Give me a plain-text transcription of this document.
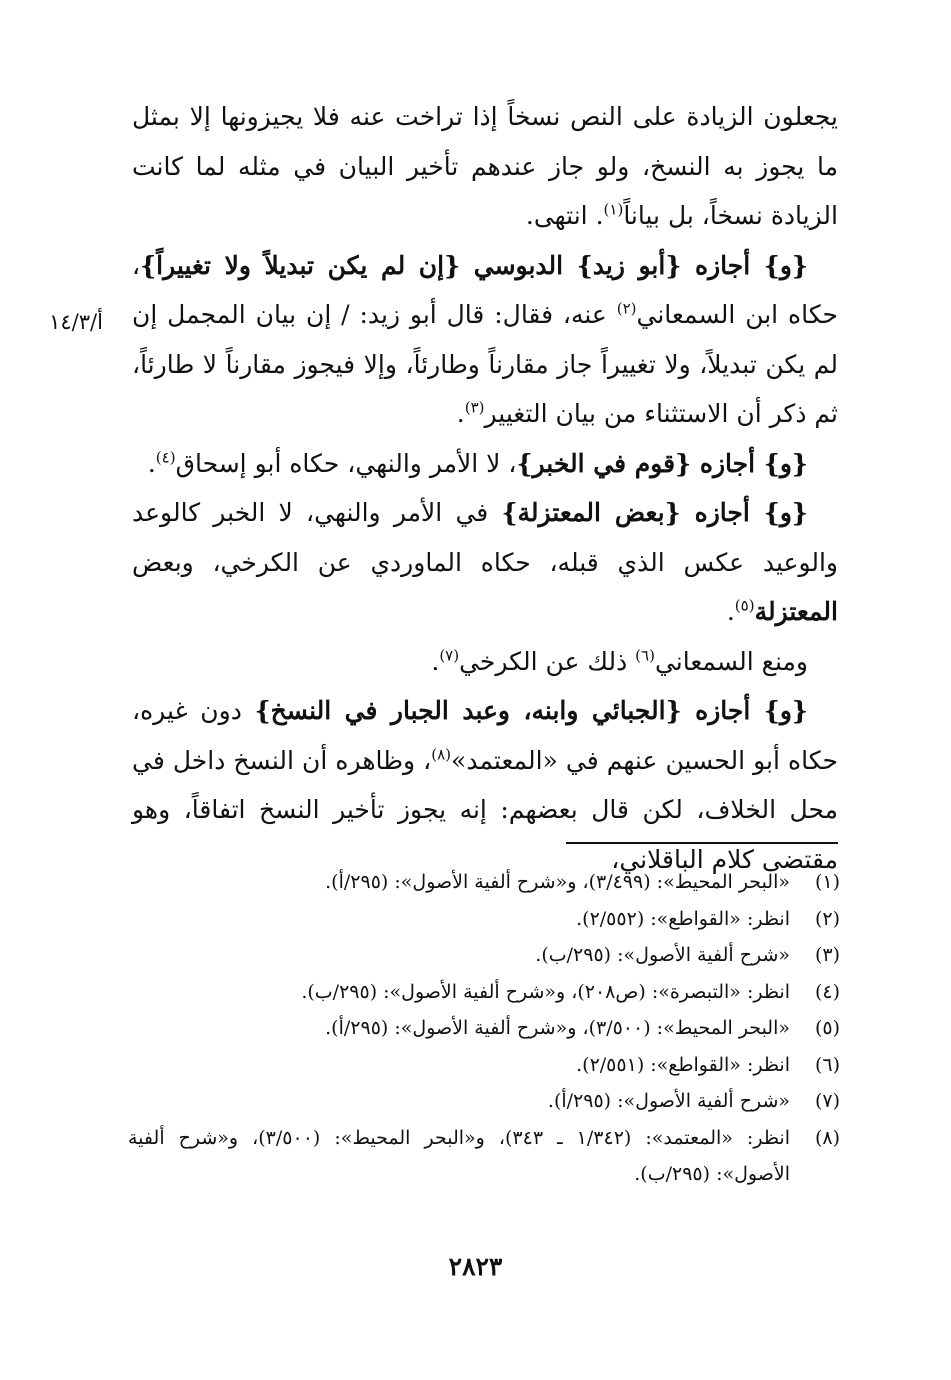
أ/١٤/٣

يجعلون الزيادة على النص نسخاً إذا تراخت عنه فلا يجيزونها إلا بمثل ما يجوز به النسخ، ولو جاز عندهم تأخير البيان في مثله لما كانت الزيادة نسخاً، بل بياناً$^{(١)}$. انتهى.

{و} أجازه {أبو زيد} الدبوسي {إن لم يكن تبديلاً ولا تغييراً}، حكاه ابن السمعاني$^{(٢)}$ عنه، فقال: قال أبو زيد: / إن بيان المجمل إن لم يكن تبديلاً، ولا تغييراً جاز مقارناً وطارئاً، وإلا فيجوز مقارناً لا طارئاً، ثم ذكر أن الاستثناء من بيان التغيير$^{(٣)}$.

{و} أجازه {قوم في الخبر}، لا الأمر والنهي، حكاه أبو إسحاق$^{(٤)}$.

{و} أجازه {بعض المعتزلة} في الأمر والنهي، لا الخبر كالوعد والوعيد عكس الذي قبله، حكاه الماوردي عن الكرخي، وبعض المعتزلة$^{(٥)}$.

ومنع السمعاني$^{(٦)}$ ذلك عن الكرخي$^{(٧)}$.

{و} أجازه {الجبائي وابنه، وعبد الجبار في النسخ} دون غيره، حكاه أبو الحسين عنهم في «المعتمد»$^{(٨)}$، وظاهره أن النسخ داخل في محل الخلاف، لكن قال بعضهم: إنه يجوز تأخير النسخ اتفاقاً، وهو مقتضى كلام الباقلاني،

(١)
«البحر المحيط»: (٣/٤٩٩)، و«شرح ألفية الأصول»: (٢٩٥/أ).
(٢)
انظر: «القواطع»: (٢/٥٥٢).
(٣)
«شرح ألفية الأصول»: (٢٩٥/ب).
(٤)
انظر: «التبصرة»: (ص٢٠٨)، و«شرح ألفية الأصول»: (٢٩٥/ب).
(٥)
«البحر المحيط»: (٣/٥٠٠)، و«شرح ألفية الأصول»: (٢٩٥/أ).
(٦)
انظر: «القواطع»: (٢/٥٥١).
(٧)
«شرح ألفية الأصول»: (٢٩٥/أ).
(٨)
انظر: «المعتمد»: (١/٣٤٢ ـ ٣٤٣)، و«البحر المحيط»: (٣/٥٠٠)، و«شرح ألفية الأصول»: (٢٩٥/ب).
٢٨٢٣
